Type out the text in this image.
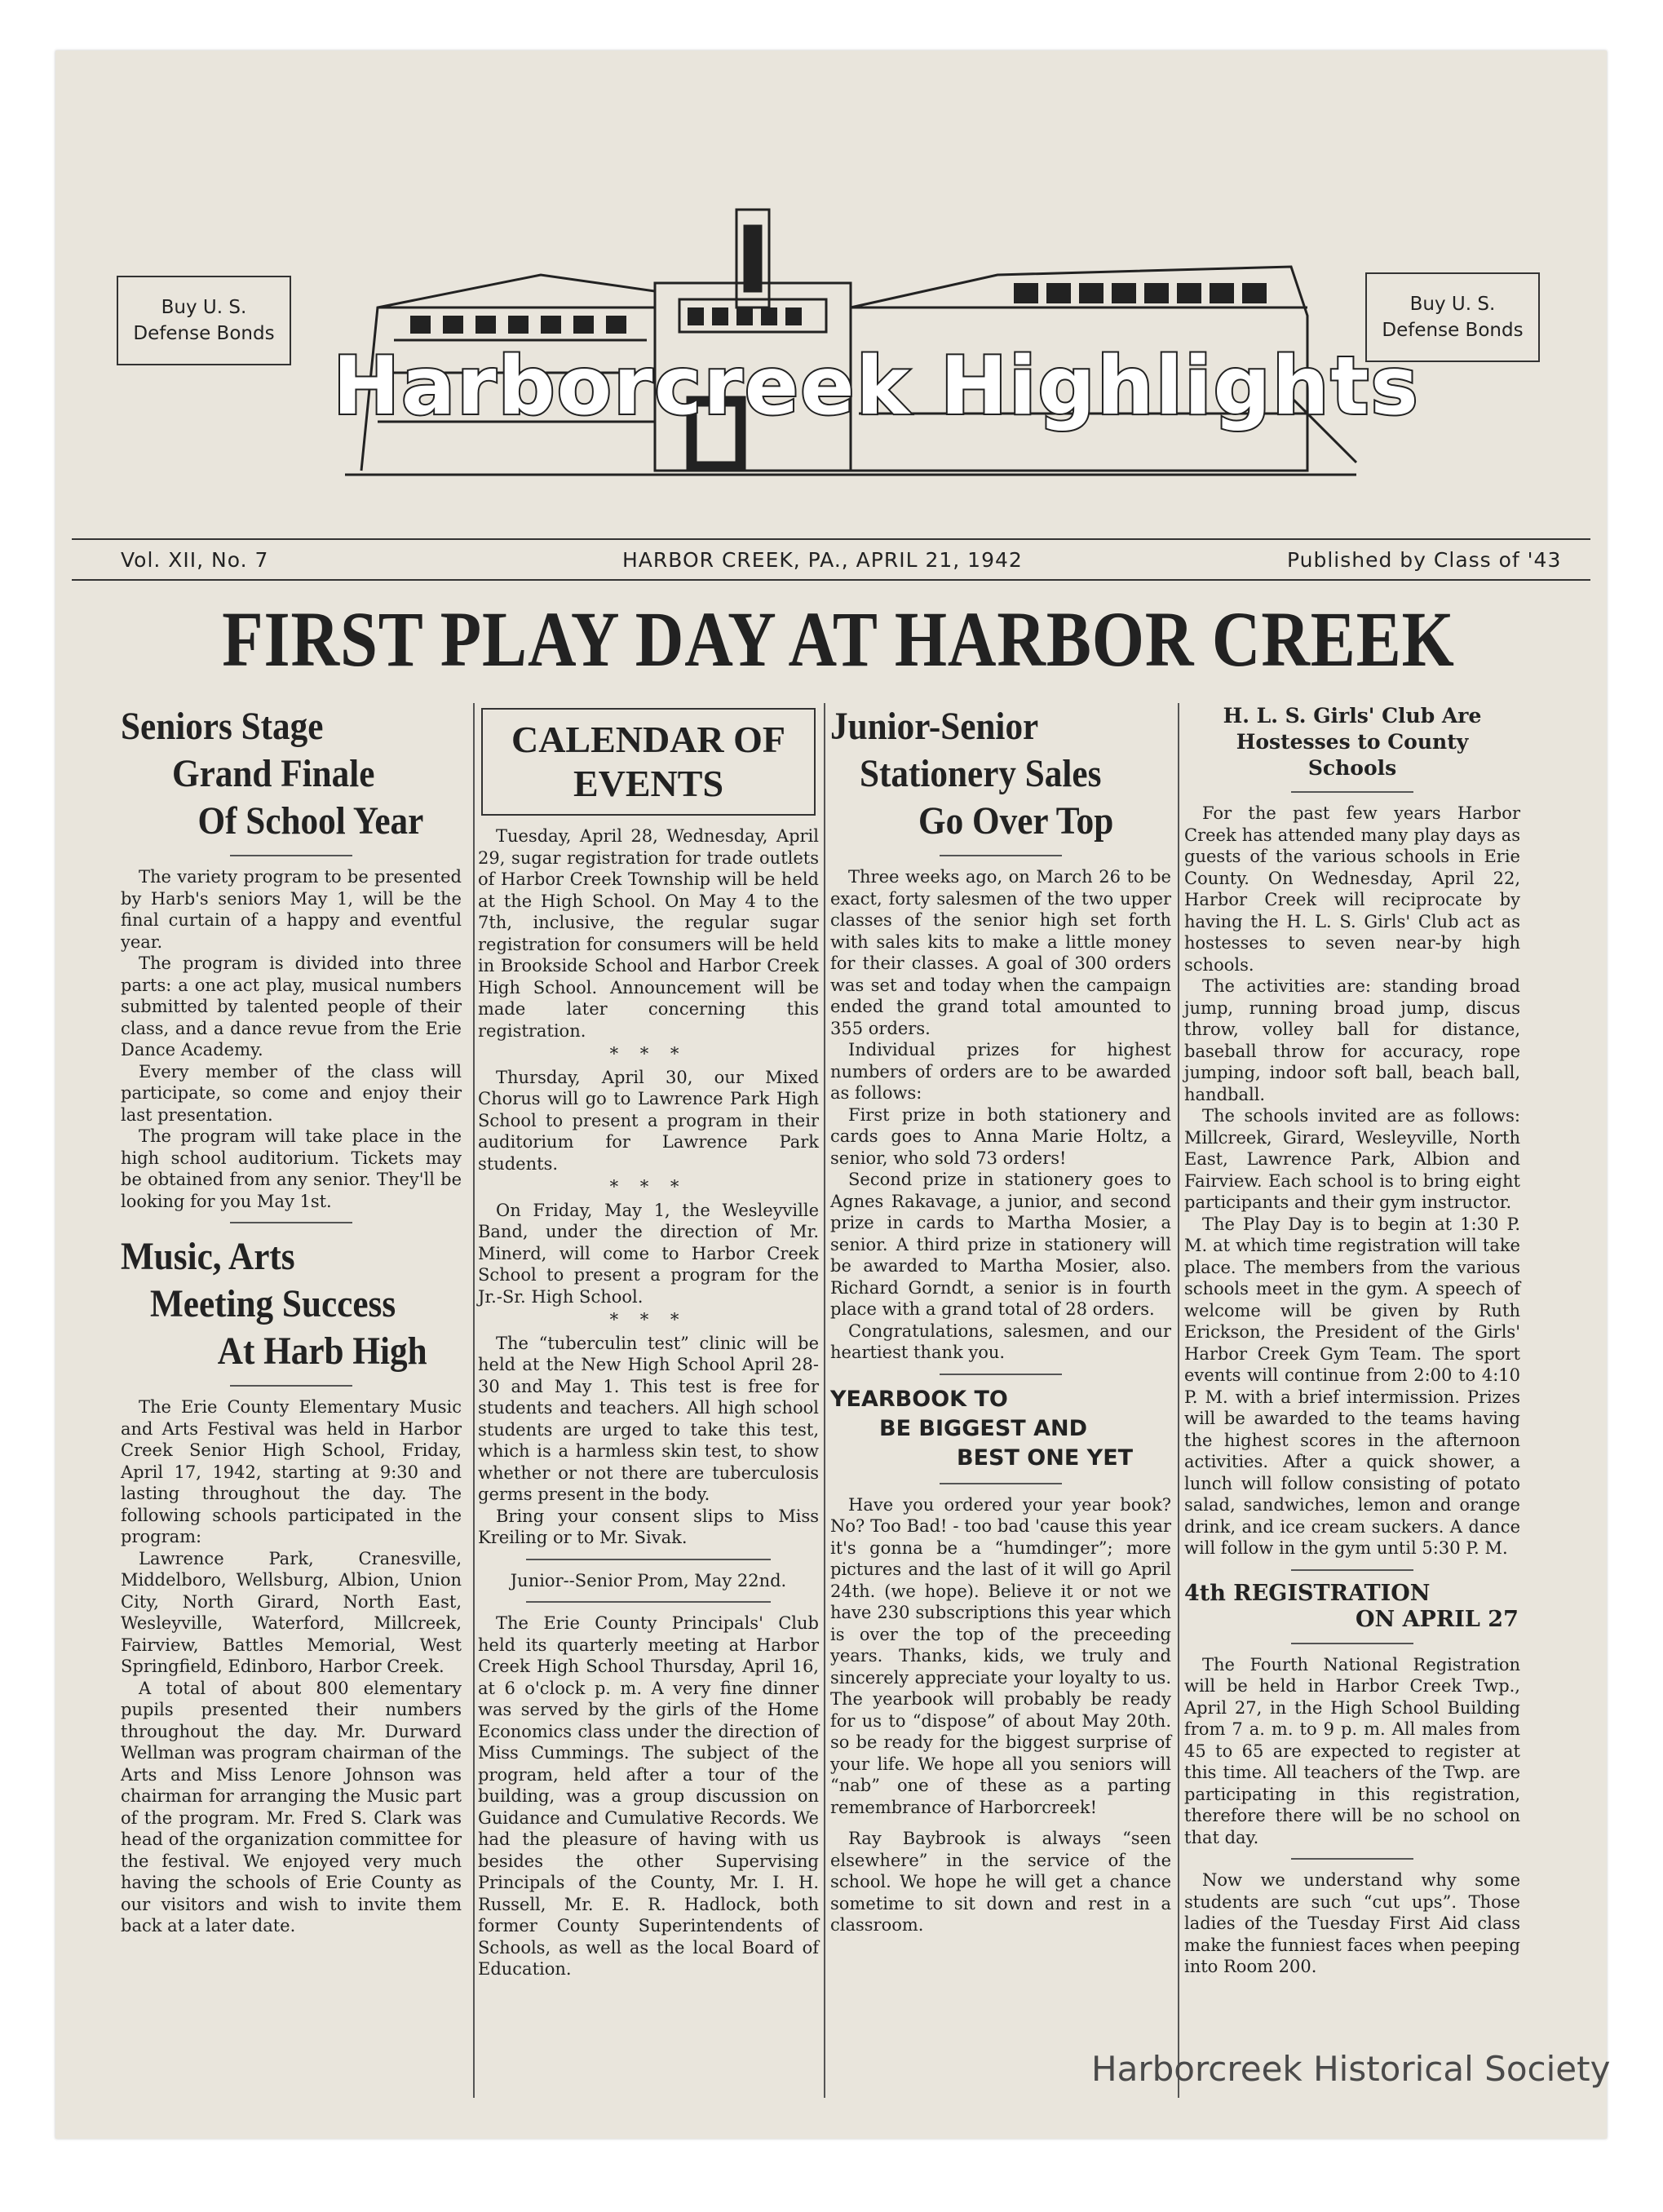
Buy U. S.
Defense Bonds
Buy U. S.
Defense Bonds
Harborcreek Highlights
Vol. XII, No. 7	HARBOR CREEK, PA., APRIL 21, 1942	Published by Class of '43
FIRST PLAY DAY AT HARBOR CREEK
Seniors Stage
Grand Finale
Of School Year

The variety program to be presented by Harb's seniors May 1, will be the final curtain of a happy and eventful year.

The program is divided into three parts: a one act play, musical numbers submitted by talented people of their class, and a dance revue from the Erie Dance Academy.

Every member of the class will participate, so come and enjoy their last presentation.

The program will take place in the high school auditorium. Tickets may be obtained from any senior. They'll be looking for you May 1st.

Music, Arts
Meeting Success
At Harb High

The Erie County Elementary Music and Arts Festival was held in Harbor Creek Senior High School, Friday, April 17, 1942, starting at 9:30 and lasting throughout the day. The following schools participated in the program:

Lawrence Park, Cranesville, Middelboro, Wellsburg, Albion, Union City, North Girard, North East, Wesleyville, Waterford, Millcreek, Fairview, Battles Memorial, West Springfield, Edinboro, Harbor Creek.

A total of about 800 elementary pupils presented their numbers throughout the day. Mr. Durward Wellman was program chairman of the Arts and Miss Lenore Johnson was chairman for arranging the Music part of the program. Mr. Fred S. Clark was head of the organization committee for the festival. We enjoyed very much having the schools of Erie County as our visitors and wish to invite them back at a later date.

CALENDAR OF
EVENTS

Tuesday, April 28, Wednesday, April 29, sugar registration for trade outlets of Harbor Creek Township will be held at the High School. On May 4 to the 7th, inclusive, the regular sugar registration for consumers will be held in Brookside School and Harbor Creek High School. Announcement will be made later concerning this registration.

* * *

Thursday, April 30, our Mixed Chorus will go to Lawrence Park High School to present a program in their auditorium for Lawrence Park students.

* * *

On Friday, May 1, the Wesleyville Band, under the direction of Mr. Minerd, will come to Harbor Creek School to present a program for the Jr.-Sr. High School.

* * *

The “tuberculin test” clinic will be held at the New High School April 28-30 and May 1. This test is free for students and teachers. All high school students are urged to take this test, which is a harmless skin test, to show whether or not there are tuberculosis germs present in the body.

Bring your consent slips to Miss Kreiling or to Mr. Sivak.

Junior--Senior Prom, May 22nd.

The Erie County Principals' Club held its quarterly meeting at Harbor Creek High School Thursday, April 16, at 6 o'clock p. m. A very fine dinner was served by the girls of the Home Economics class under the direction of Miss Cummings. The subject of the program, held after a tour of the building, was a group discussion on Guidance and Cumulative Records. We had the pleasure of having with us besides the other Supervising Principals of the County, Mr. I. H. Russell, Mr. E. R. Hadlock, both former County Superintendents of Schools, as well as the local Board of Education.

Junior-Senior
Stationery Sales
Go Over Top

Three weeks ago, on March 26 to be exact, forty salesmen of the two upper classes of the senior high set forth with sales kits to make a little money for their classes. A goal of 300 orders was set and today when the campaign ended the grand total amounted to 355 orders.

Individual prizes for highest numbers of orders are to be awarded as follows:

First prize in both stationery and cards goes to Anna Marie Holtz, a senior, who sold 73 orders!

Second prize in stationery goes to Agnes Rakavage, a junior, and second prize in cards to Martha Mosier, a senior. A third prize in stationery will be awarded to Martha Mosier, also. Richard Gorndt, a senior is in fourth place with a grand total of 28 orders.

Congratulations, salesmen, and our heartiest thank you.

YEARBOOK TO
BE BIGGEST AND
BEST ONE YET

Have you ordered your year book? No? Too Bad! - too bad 'cause this year it's gonna be a “humdinger”; more pictures and the last of it will go April 24th. (we hope). Believe it or not we have 230 subscriptions this year which is over the top of the preceeding years. Thanks, kids, we truly and sincerely appreciate your loyalty to us. The yearbook will probably be ready for us to “dispose” of about May 20th. so be ready for the biggest surprise of your life. We hope all you seniors will “nab” one of these as a parting remembrance of Harborcreek!

Ray Baybrook is always “seen elsewhere” in the service of the school. We hope he will get a chance sometime to sit down and rest in a classroom.

H. L. S. Girls' Club Are
Hostesses to County
Schools

For the past few years Harbor Creek has attended many play days as guests of the various schools in Erie County. On Wednesday, April 22, Harbor Creek will reciprocate by having the H. L. S. Girls' Club act as hostesses to seven near-by high schools.

The activities are: standing broad jump, running broad jump, discus throw, volley ball for distance, baseball throw for accuracy, rope jumping, indoor soft ball, beach ball, handball.

The schools invited are as follows: Millcreek, Girard, Wesleyville, North East, Lawrence Park, Albion and Fairview. Each school is to bring eight participants and their gym instructor.

The Play Day is to begin at 1:30 P. M. at which time registration will take place. The members from the various schools meet in the gym. A speech of welcome will be given by Ruth Erickson, the President of the Girls' Harbor Creek Gym Team. The sport events will continue from 2:00 to 4:10 P. M. with a brief intermission. Prizes will be awarded to the teams having the highest scores in the afternoon activities. After a quick shower, a lunch will follow consisting of potato salad, sandwiches, lemon and orange drink, and ice cream suckers. A dance will follow in the gym until 5:30 P. M.

4th REGISTRATION
ON APRIL 27

The Fourth National Registration will be held in Harbor Creek Twp., April 27, in the High School Building from 7 a. m. to 9 p. m. All males from 45 to 65 are expected to register at this time. All teachers of the Twp. are participating in this registration, therefore there will be no school on that day.

Now we understand why some students are such “cut ups”. Those ladies of the Tuesday First Aid class make the funniest faces when peeping into Room 200.

Harborcreek Historical Society
